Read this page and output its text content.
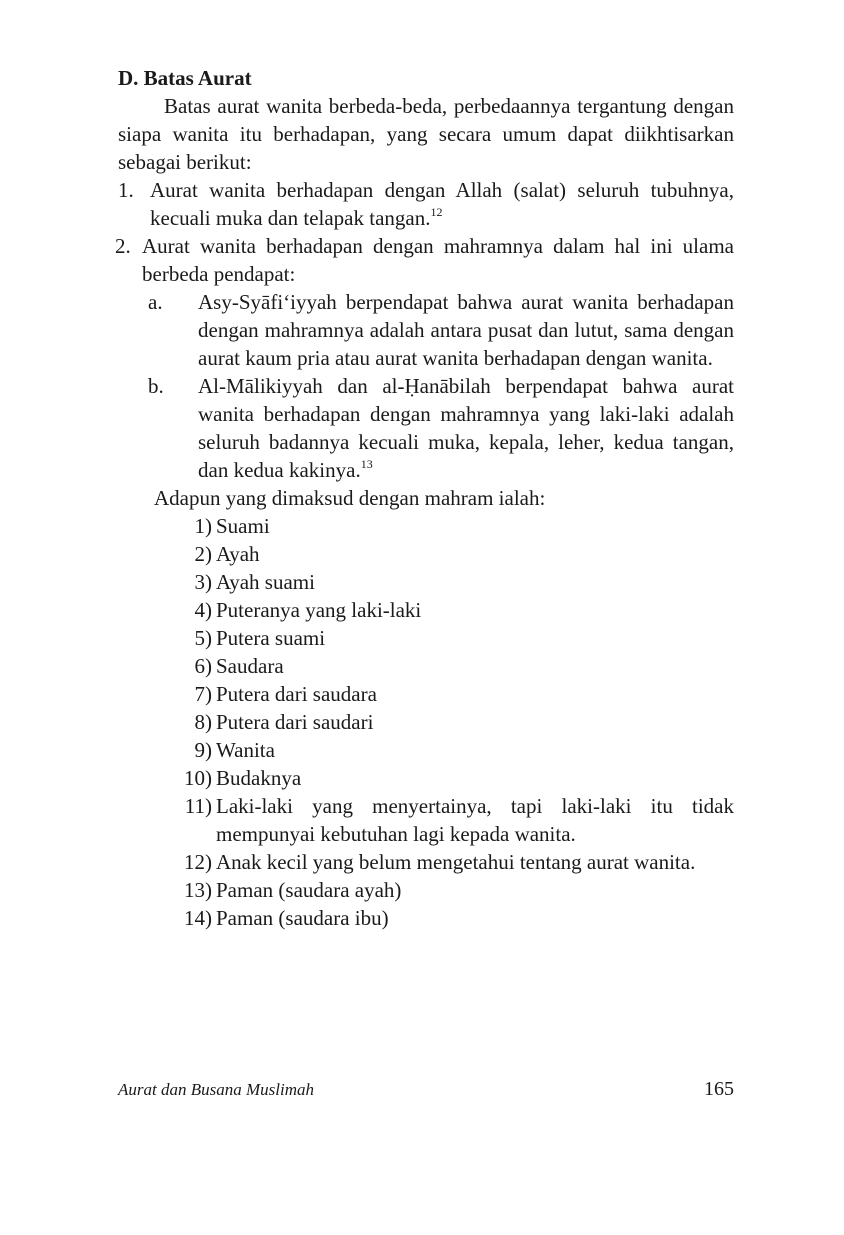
D. Batas Aurat

Batas aurat wanita berbeda-beda, perbedaannya tergantung dengan siapa wanita itu berhadapan, yang secara umum dapat diikhtisarkan sebagai berikut:

1. Aurat wanita berhadapan dengan Allah (salat) seluruh tubuhnya, kecuali muka dan telapak tangan.$^{12}$
2. Aurat wanita berhadapan dengan mahramnya dalam hal ini ulama berbeda pendapat:
a.	Asy-Syāfi‘iyyah berpendapat bahwa aurat wanita berhadapan dengan mahramnya adalah antara pusat dan lutut, sama dengan aurat kaum pria atau aurat wanita berhadapan dengan wanita.
b.	Al-Mālikiyyah dan al-Ḥanābilah berpendapat bahwa aurat wanita berhadapan dengan mahramnya yang laki-laki adalah seluruh badannya kecuali muka, kepala, leher, kedua tangan, dan kedua kakinya.$^{13}$

Adapun yang dimaksud dengan mahram ialah:

1) Suami
2) Ayah
3) Ayah suami
4) Puteranya yang laki-laki
5) Putera suami
6) Saudara
7) Putera dari saudara
8) Putera dari saudari
9) Wanita
10) Budaknya
11) Laki-laki yang menyertainya, tapi laki-laki itu tidak mempunyai kebutuhan lagi kepada wanita.
12) Anak kecil yang belum mengetahui tentang aurat wanita.
13) Paman (saudara ayah)
14) Paman (saudara ibu)
Aurat dan Busana Muslimah	165
